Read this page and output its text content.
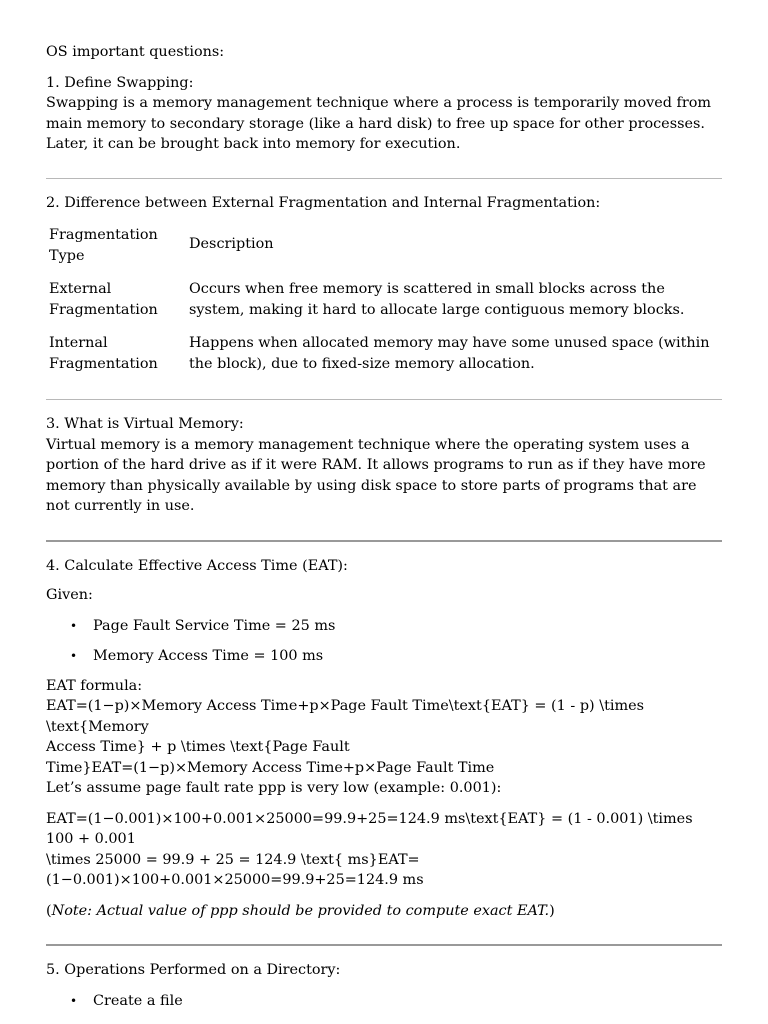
OS important questions:

1. Define Swapping:

Swapping is a memory management technique where a process is temporarily moved from main memory to secondary storage (like a hard disk) to free up space for other processes. Later, it can be brought back into memory for execution.

2. Difference between External Fragmentation and Internal Fragmentation:

Fragmentation Type
Description
External Fragmentation
Occurs when free memory is scattered in small blocks across the system, making it hard to allocate large contiguous memory blocks.
Internal Fragmentation
Happens when allocated memory may have some unused space (within the block), due to fixed-size memory allocation.

3. What is Virtual Memory:

Virtual memory is a memory management technique where the operating system uses a portion of the hard drive as if it were RAM. It allows programs to run as if they have more memory than physically available by using disk space to store parts of programs that are not currently in use.

4. Calculate Effective Access Time (EAT):

Given:

• Page Fault Service Time = 25 ms
• Memory Access Time = 100 ms

EAT formula:

EAT=(1−p)×Memory Access Time+p×Page Fault Time\text{EAT} = (1 - p) \times \text{Memory

Access Time} + p \times \text{Page Fault

Time}EAT=(1−p)×Memory Access Time+p×Page Fault Time

Let’s assume page fault rate ppp is very low (example: 0.001):

EAT=(1−0.001)×100+0.001×25000=99.9+25=124.9 ms\text{EAT} = (1 - 0.001) \times 100 + 0.001

\times 25000 = 99.9 + 25 = 124.9 \text{ ms}EAT=(1−0.001)×100+0.001×25000=99.9+25=124.9 ms

(Note: Actual value of ppp should be provided to compute exact EAT.)

5. Operations Performed on a Directory:

• Create a file
